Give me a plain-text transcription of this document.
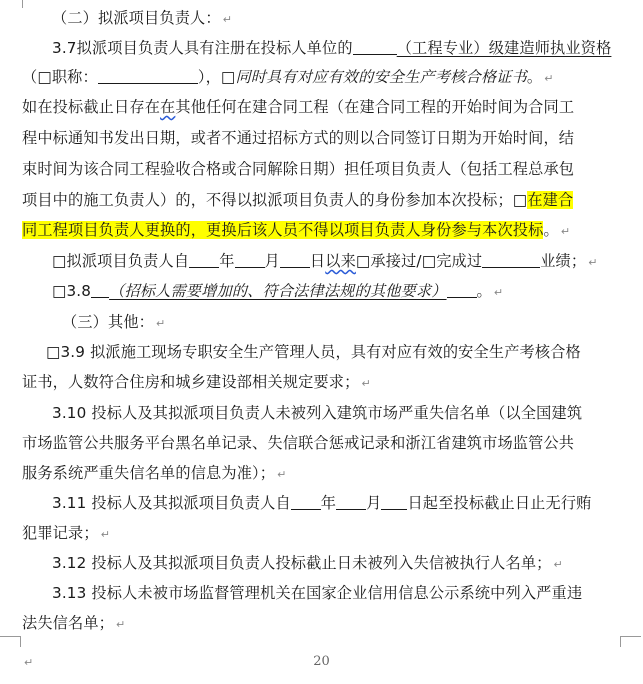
（二）拟派项目负责人： ↵
3.7拟派项目负责人具有注册在投标人单位的	（工程专业）级建造师执业资格
（□职称：	），□同时具有对应有效的安全生产考核合格证书。 ↵
如在投标截止日存在在其他任何在建合同工程（在建合同工程的开始时间为合同工
程中标通知书发出日期，或者不通过招标方式的则以合同签订日期为开始时间，结
束时间为该合同工程验收合格或合同解除日期）担任项目负责人（包括工程总承包
项目中的施工负责人）的，不得以拟派项目负责人的身份参加本次投标；□在建合
同工程项目负责人更换的，更换后该人员不得以项目负责人身份参与本次投标。 ↵
□拟派项目负责人自 年 月 日以来□承接过/□完成过	业绩； ↵
□3.8 （招标人需要增加的、符合法律法规的其他要求） 。 ↵
（三）其他： ↵
□3.9 拟派施工现场专职安全生产管理人员，具有对应有效的安全生产考核合格
证书，人数符合住房和城乡建设部相关规定要求； ↵
3.10 投标人及其拟派项目负责人未被列入建筑市场严重失信名单（以全国建筑
市场监管公共服务平台黑名单记录、失信联合惩戒记录和浙江省建筑市场监管公共
服务系统严重失信名单的信息为准）； ↵
3.11 投标人及其拟派项目负责人自 年 月 日起至投标截止日止无行贿
犯罪记录； ↵
3.12 投标人及其拟派项目负责人投标截止日未被列入失信被执行人名单； ↵
3.13 投标人未被市场监督管理机关在国家企业信用信息公示系统中列入严重违
法失信名单； ↵
↵	20
